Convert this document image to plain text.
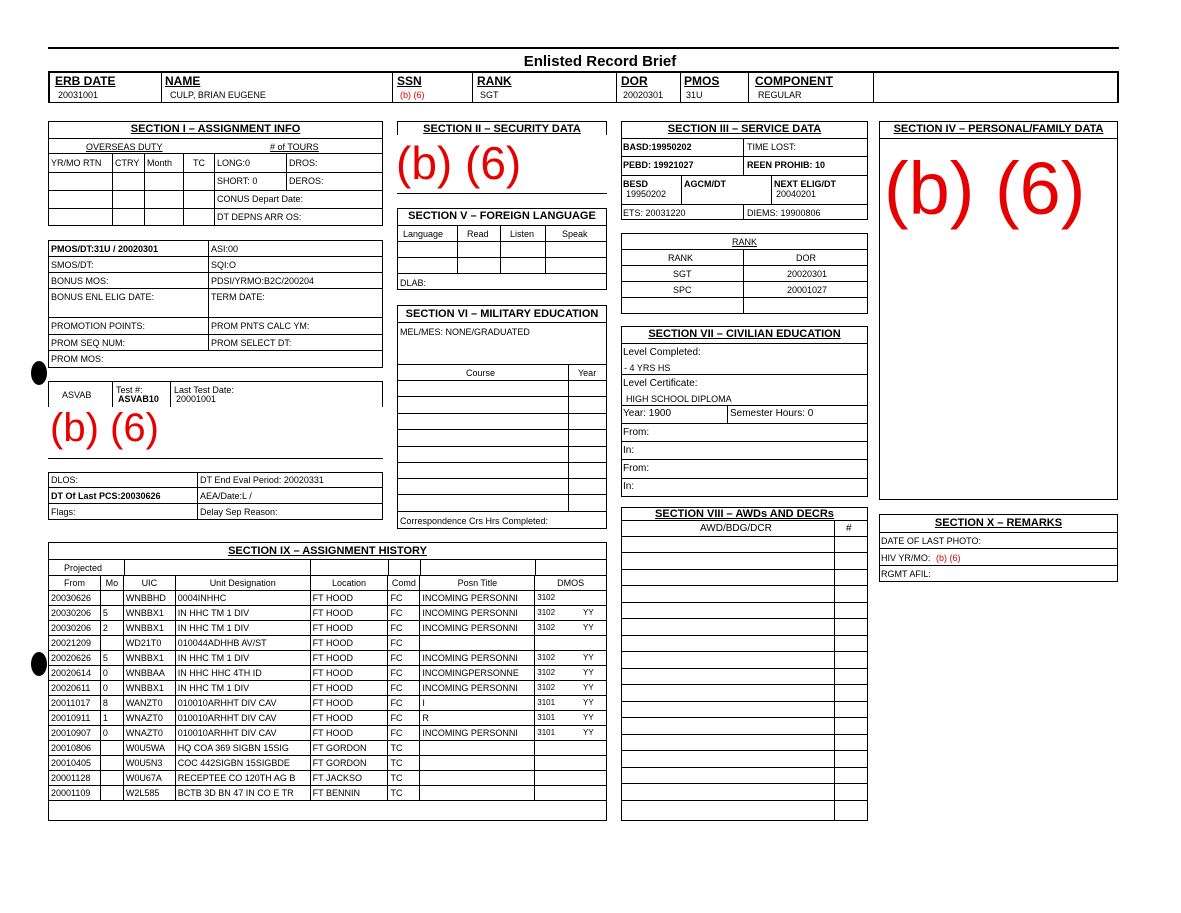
Enlisted Record Brief
ERB DATE
20031001
NAME
CULP, BRIAN EUGENE
SSN
(b) (6)
RANK
SGT
DOR
20020301
PMOS
31U
COMPONENT
REGULAR
SECTION I – ASSIGNMENT INFO
OVERSEAS DUTY	# of TOURS
YR/MO RTN CTRY Month TC LONG:0	DROS:
SHORT: 0	DEROS:
CONUS Depart Date:
DT DEPNS ARR OS:
PMOS/DT:31U / 20020301	ASI:00
SMOS/DT:	SQI:O
BONUS MOS:	PDSI/YRMO:B2C/200204
BONUS ENL ELIG DATE:	TERM DATE:
PROMOTION POINTS:	PROM PNTS CALC YM:
PROM SEQ NUM:	PROM SELECT DT:
PROM MOS:
ASVAB	Test #:
ASVAB10
Last Test Date:
20001001
(b) (6)
DLOS:	DT End Eval Period: 20020331
DT Of Last PCS:20030626	AEA/Date:L /
Flags:	Delay Sep Reason:
SECTION II – SECURITY DATA
(b) (6)
SECTION V – FOREIGN LANGUAGE
Language	Read Listen	Speak
DLAB:
SECTION VI – MILITARY EDUCATION
MEL/MES: NONE/GRADUATED
Course	Year
Correspondence Crs Hrs Completed:
SECTION III – SERVICE DATA
BASD:19950202	TIME LOST:
PEBD: 19921027	REEN PROHIB: 10
BESD
19950202
AGCM/DT	NEXT ELIG/DT
20040201
ETS: 20031220	DIEMS: 19900806
RANK
RANK	DOR
SGT	20020301
SPC	20001027
SECTION VII – CIVILIAN EDUCATION
Level Completed:
- 4 YRS HS
Level Certificate:
HIGH SCHOOL DIPLOMA
Year: 1900	Semester Hours: 0
From:
In:
From:
In:
SECTION VIII – AWDs AND DECRs
AWD/BDG/DCR	#
SECTION IV – PERSONAL/FAMILY DATA
(b) (6)
SECTION X – REMARKS
DATE OF LAST PHOTO:
HIV YR/MO: (b) (6)
RGMT AFIL:
SECTION IX – ASSIGNMENT HISTORY
Projected
From	Mo	UIC	Unit Designation	Location	Comd	Posn Title	DMOS	
20030626		WNBBHD	0004INHHC	FT HOOD	FC	INCOMING PERSONNI	3102	
20030206	5	WNBBX1	IN HHC TM 1 DIV	FT HOOD	FC	INCOMING PERSONNI	3102	YY
20030206	2	WNBBX1	IN HHC TM 1 DIV	FT HOOD	FC	INCOMING PERSONNI	3102	YY
20021209		WD21T0	010044ADHHB AV/ST	FT HOOD	FC			
20020626	5	WNBBX1	IN HHC TM 1 DIV	FT HOOD	FC	INCOMING PERSONNI	3102	YY
20020614	0	WNBBAA	IN HHC HHC 4TH ID	FT HOOD	FC	INCOMINGPERSONNE	3102	YY
20020611	0	WNBBX1	IN HHC TM 1 DIV	FT HOOD	FC	INCOMING PERSONNI	3102	YY
20011017	8	WANZT0	010010ARHHT DIV CAV	FT HOOD	FC	I	3101	YY
20010911	1	WNAZT0	010010ARHHT DIV CAV	FT HOOD	FC	R	3101	YY
20010907	0	WNAZT0	010010ARHHT DIV CAV	FT HOOD	FC	INCOMING PERSONNI	3101	YY
20010806		W0U5WA	HQ COA 369 SIGBN 15SIG	FT GORDON	TC			
20010405		W0U5N3	COC 442SIGBN 15SIGBDE	FT GORDON	TC			
20001128		W0U67A	RECEPTEE CO 120TH AG B	FT JACKSO	TC			
20001109		W2L585	BCTB 3D BN 47 IN CO E TR	FT BENNIN	TC			
